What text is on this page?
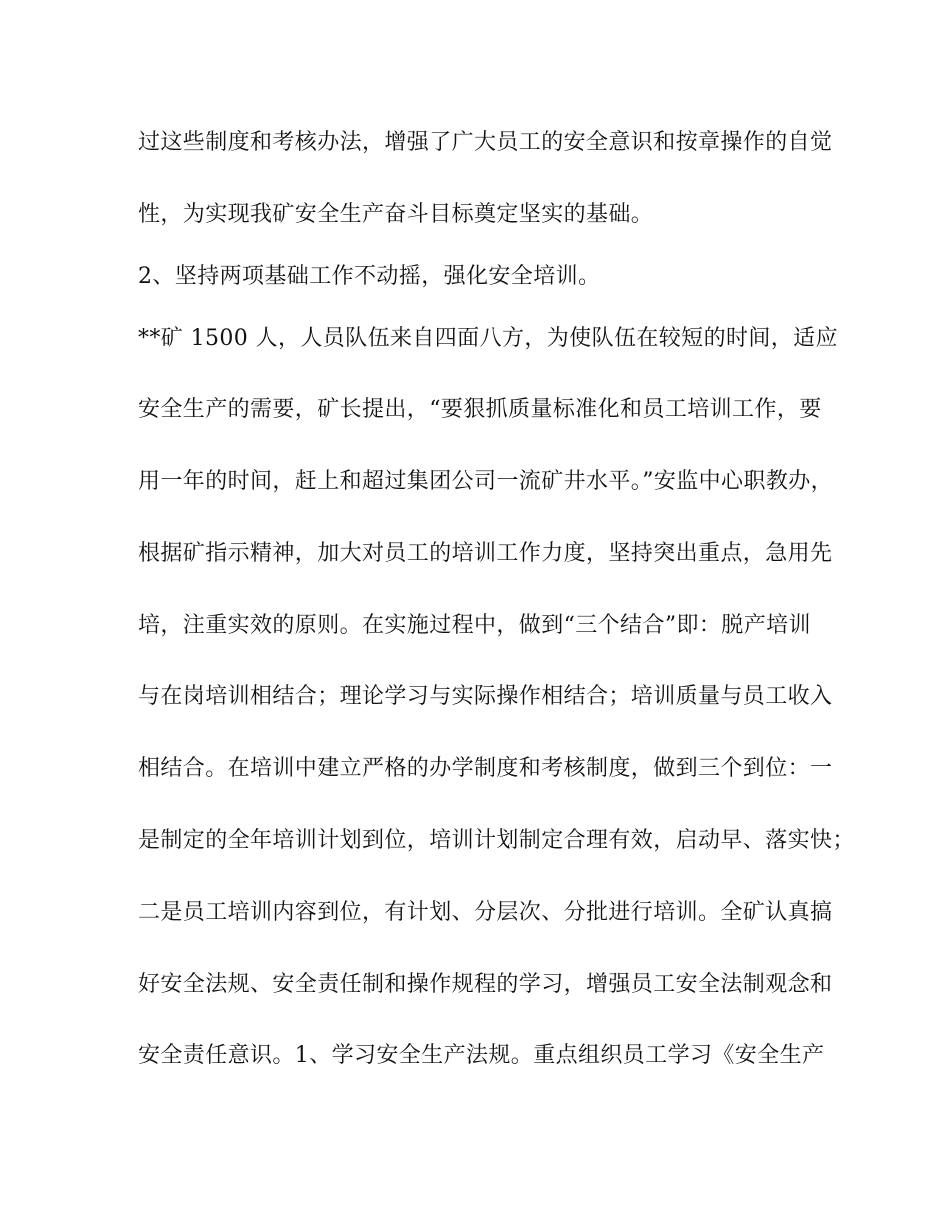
过这些制度和考核办法，增强了广大员工的安全意识和按章操作的自觉
性，为实现我矿安全生产奋斗目标奠定坚实的基础。
2、坚持两项基础工作不动摇，强化安全培训。
**矿 1500 人，人员队伍来自四面八方，为使队伍在较短的时间，适应
安全生产的需要，矿长提出，“要狠抓质量标准化和员工培训工作，要
用一年的时间，赶上和超过集团公司一流矿井水平。”安监中心职教办，
根据矿指示精神，加大对员工的培训工作力度，坚持突出重点，急用先
培，注重实效的原则。在实施过程中，做到“三个结合”即：脱产培训
与在岗培训相结合；理论学习与实际操作相结合；培训质量与员工收入
相结合。在培训中建立严格的办学制度和考核制度，做到三个到位：一
是制定的全年培训计划到位，培训计划制定合理有效，启动早、落实快；
二是员工培训内容到位，有计划、分层次、分批进行培训。全矿认真搞
好安全法规、安全责任制和操作规程的学习，增强员工安全法制观念和
安全责任意识。1、学习安全生产法规。重点组织员工学习《安全生产
